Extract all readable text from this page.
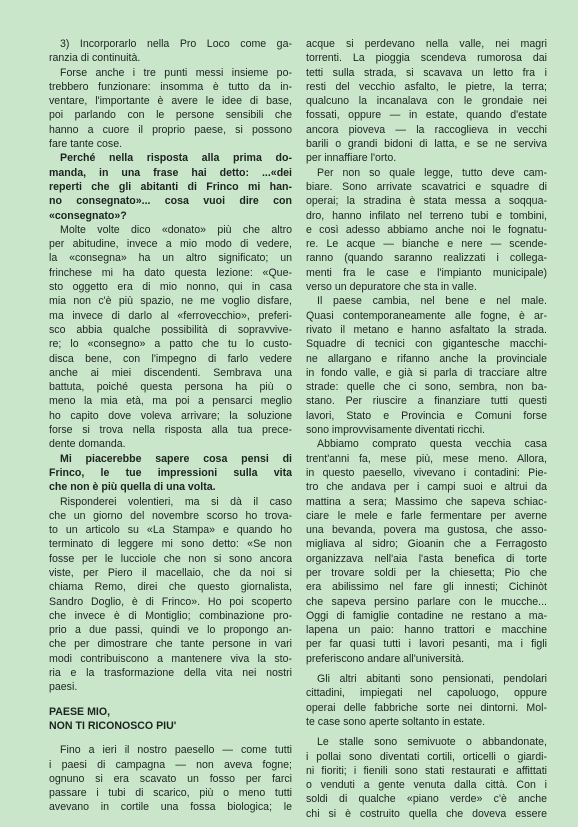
3) Incorporarlo nella Pro Loco come ga-
ranzia di continuità.
Forse anche i tre punti messi insieme po-
trebbero funzionare: insomma è tutto da in-
ventare, l'importante è avere le idee di base,
poi parlando con le persone sensibili che
hanno a cuore il proprio paese, si possono
fare tante cose.
Perché nella risposta alla prima do-
manda, in una frase hai detto: ...«dei
reperti che gli abitanti di Frinco mi han-
no consegnato»... cosa vuoi dire con
«consegnato»?
Molte volte dico «donato» più che altro
per abitudine, invece a mio modo di vedere,
la «consegna» ha un altro significato; un
frinchese mi ha dato questa lezione: «Que-
sto oggetto era di mio nonno, qui in casa
mia non c'è più spazio, ne me voglio disfare,
ma invece di darlo al «ferrovecchio», preferi-
sco abbia qualche possibilità di sopravvive-
re; lo «consegno» a patto che tu lo custo-
disca bene, con l'impegno di farlo vedere
anche ai miei discendenti. Sembrava una
battuta, poiché questa persona ha più o
meno la mia età, ma poi a pensarci meglio
ho capito dove voleva arrivare; la soluzione
forse si trova nella risposta alla tua prece-
dente domanda.
Mi piacerebbe sapere cosa pensi di
Frinco, le tue impressioni sulla vita
che non è più quella di una volta.
Risponderei volentieri, ma si dà il caso
che un giorno del novembre scorso ho trova-
to un articolo su «La Stampa» e quando ho
terminato di leggere mi sono detto: «Se non
fosse per le lucciole che non si sono ancora
viste, per Piero il macellaio, che da noi si
chiama Remo, direi che questo giornalista,
Sandro Doglio, è di Frinco». Ho poi scoperto
che invece è di Montiglio; combinazione pro-
prio a due passi, quindi ve lo propongo an-
che per dimostrare che tante persone in vari
modi contribuiscono a mantenere viva la sto-
ria e la trasformazione della vita nei nostri
paesi.
PAESE MIO,
NON TI RICONOSCO PIU'
Fino a ieri il nostro paesello — come tutti
i paesi di campagna — non aveva fogne;
ognuno si era scavato un fosso per farci
passare i tubi di scarico, più o meno tutti
avevano in cortile una fossa biologica; le
acque si perdevano nella valle, nei magri
torrenti. La pioggia scendeva rumorosa dai
tetti sulla strada, si scavava un letto fra i
resti del vecchio asfalto, le pietre, la terra;
qualcuno la incanalava con le grondaie nei
fossati, oppure — in estate, quando d'estate
ancora pioveva — la raccoglieva in vecchi
barili o grandi bidoni di latta, e se ne serviva
per innaffiare l'orto.
Per non so quale legge, tutto deve cam-
biare. Sono arrivate scavatrici e squadre di
operai; la stradina è stata messa a soqqua-
dro, hanno infilato nel terreno tubi e tombini,
e così adesso abbiamo anche noi le fognatu-
re. Le acque — bianche e nere — scende-
ranno (quando saranno realizzati i collega-
menti fra le case e l'impianto municipale)
verso un depuratore che sta in valle.
Il paese cambia, nel bene e nel male.
Quasi contemporaneamente alle fogne, è ar-
rivato il metano e hanno asfaltato la strada.
Squadre di tecnici con gigantesche macchi-
ne allargano e rifanno anche la provinciale
in fondo valle, e già si parla di tracciare altre
strade: quelle che ci sono, sembra, non ba-
stano. Per riuscire a finanziare tutti questi
lavori, Stato e Provincia e Comuni forse
sono improvvisamente diventati ricchi.
Abbiamo comprato questa vecchia casa
trent'anni fa, mese più, mese meno. Allora,
in questo paesello, vivevano i contadini: Pie-
tro che andava per i campi suoi e altrui da
mattina a sera; Massimo che sapeva schiac-
ciare le mele e farle fermentare per averne
una bevanda, povera ma gustosa, che asso-
migliava al sidro; Gioanin che a Ferragosto
organizzava nell'aia l'asta benefica di torte
per trovare soldi per la chiesetta; Pio che
era abilissimo nel fare gli innesti; Cichinòt
che sapeva persino parlare con le mucche...
Oggi di famiglie contadine ne restano a ma-
lapena un paio: hanno trattori e macchine
per far quasi tutti i lavori pesanti, ma i figli
preferiscono andare all'università.
Gli altri abitanti sono pensionati, pendolari
cittadini, impiegati nel capoluogo, oppure
operai delle fabbriche sorte nei dintorni. Mol-
te case sono aperte soltanto in estate.
Le stalle sono semivuote o abbandonate,
i pollai sono diventati cortili, orticelli o giardi-
ni fioriti; i fienili sono stati restaurati e affittati
o venduti a gente venuta dalla città. Con i
soldi di qualche «piano verde» c'è anche
chi si è costruito quella che doveva essere
